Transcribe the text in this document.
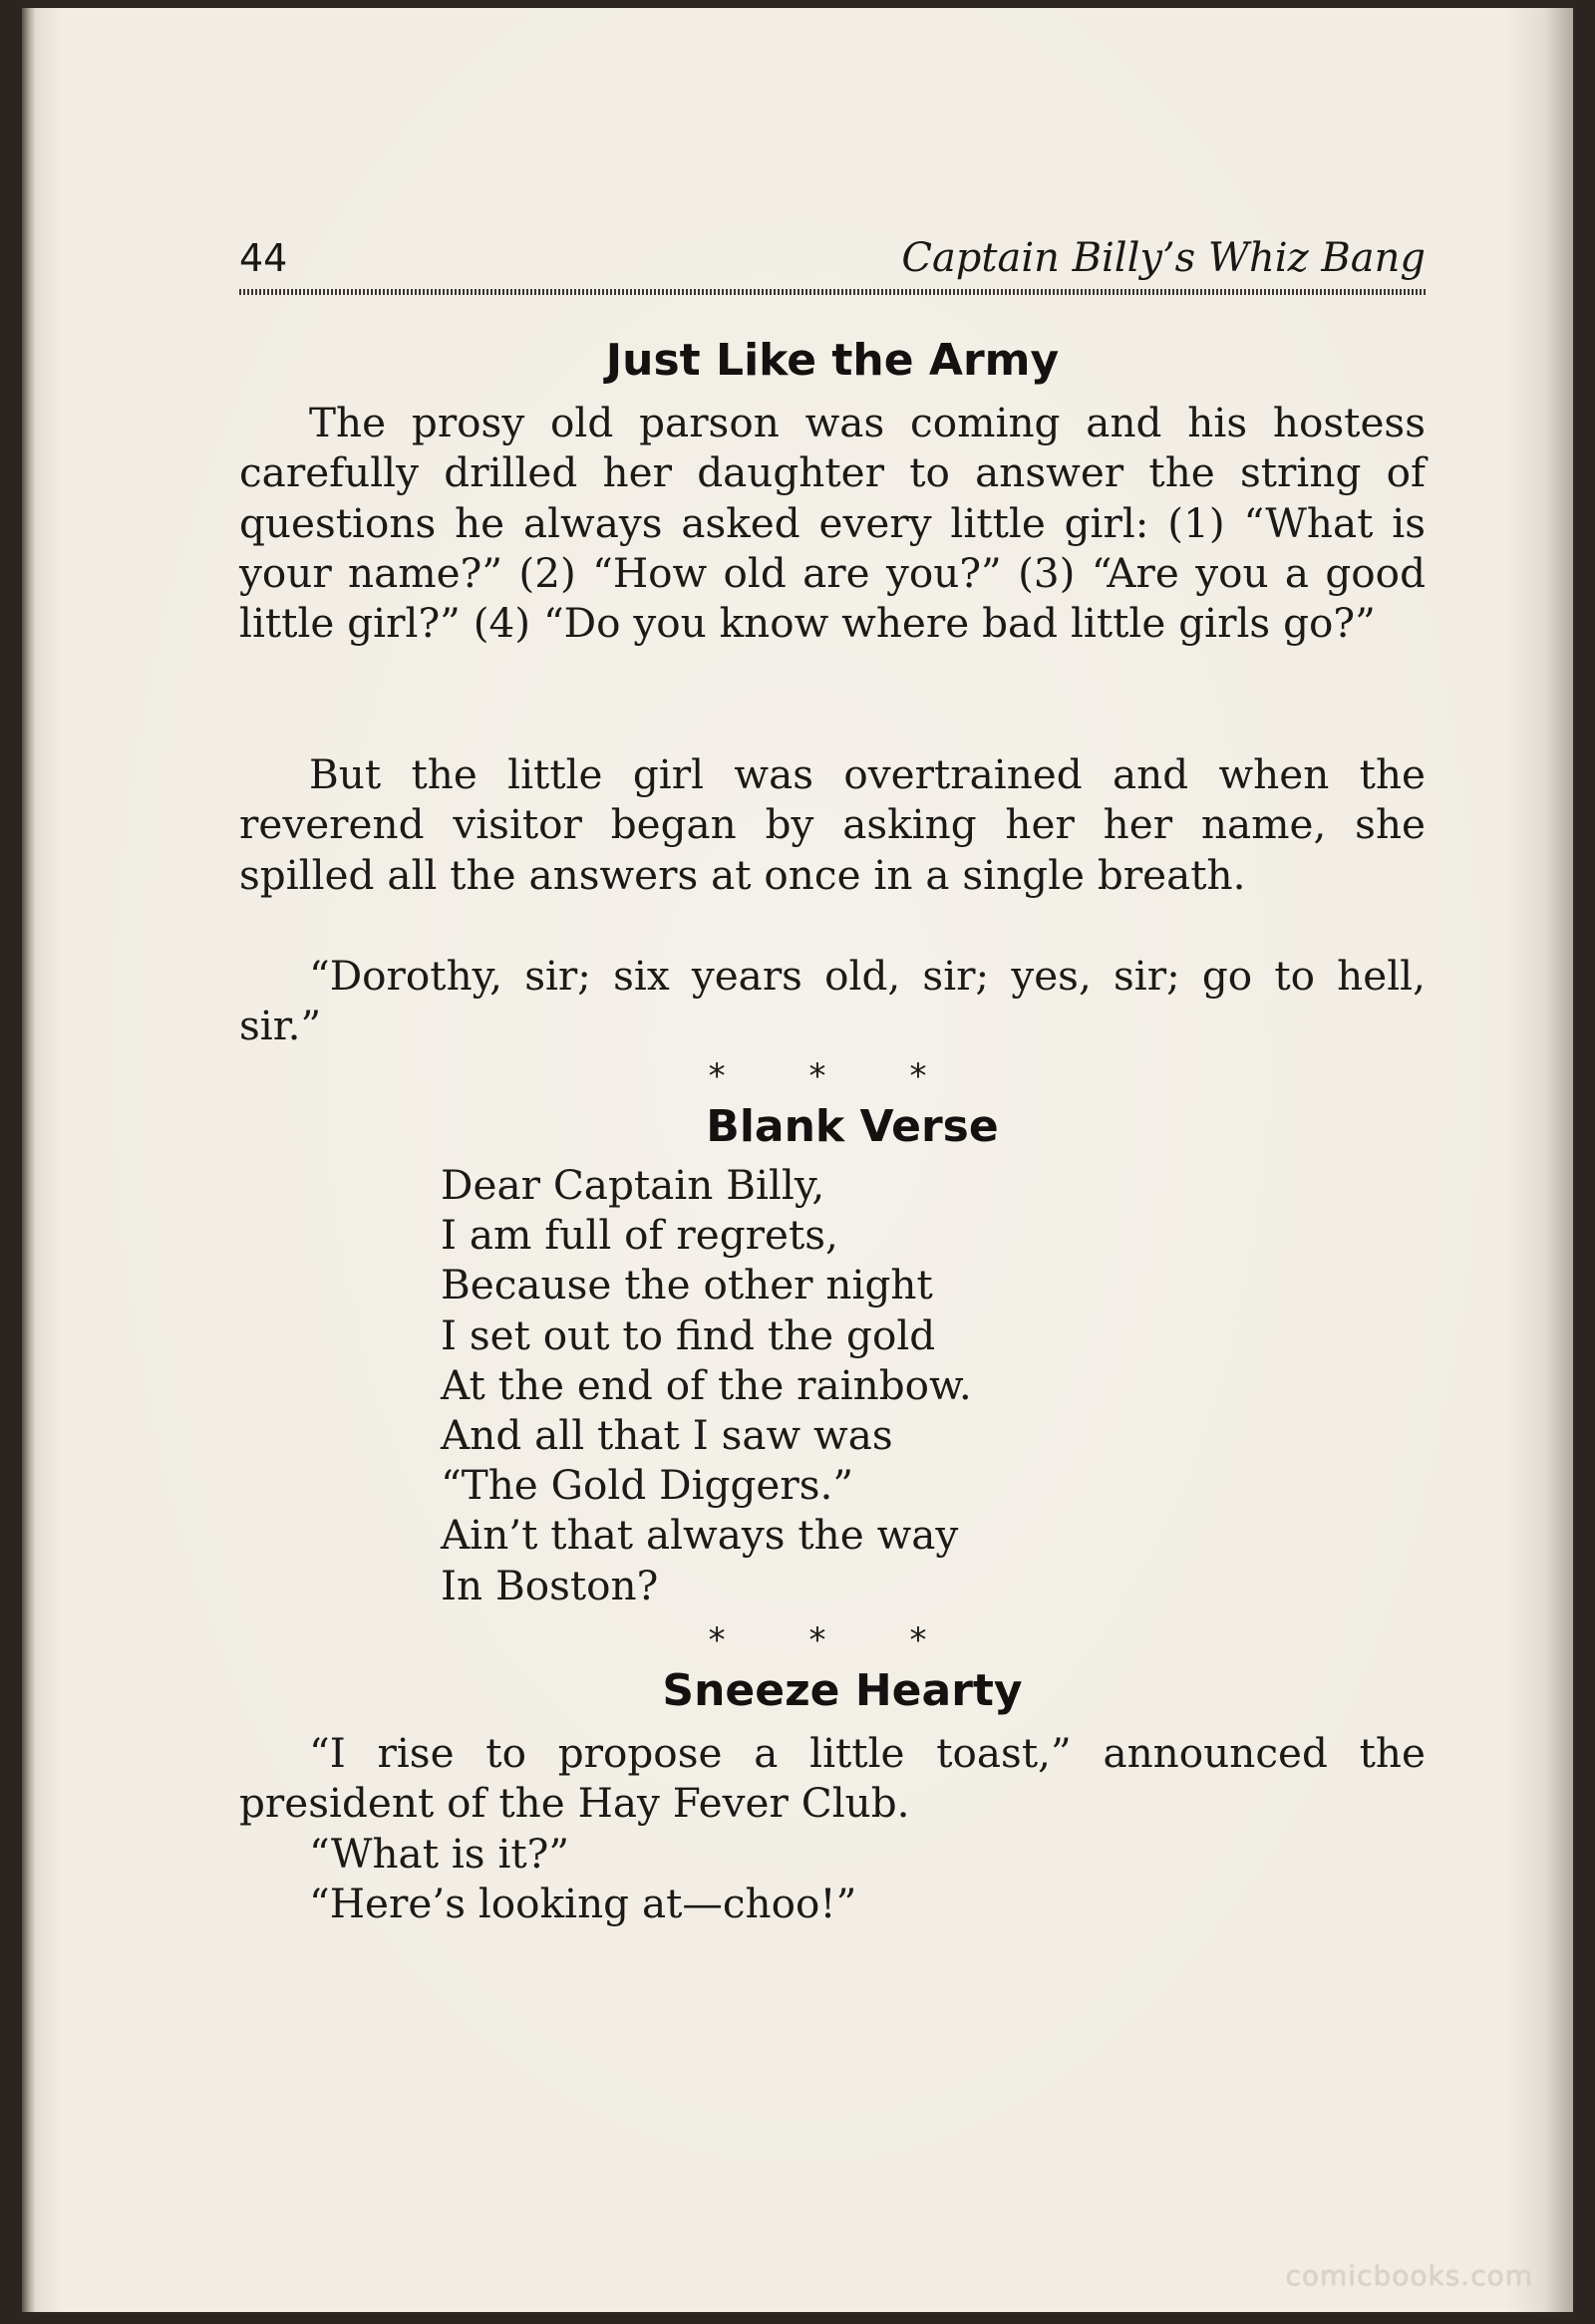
44	Captain Billy’s Whiz Bang
Just Like the Army

The prosy old parson was coming and his hostess carefully drilled her daughter to answer the string of questions he always asked every little girl: (1) “What is your name?” (2) “How old are you?” (3) “Are you a good little girl?” (4) “Do you know where bad little girls go?”

But the little girl was overtrained and when the reverend visitor began by asking her her name, she spilled all the answers at once in a single breath.

“Dorothy, sir; six years old, sir; yes, sir; go to hell, sir.”

* * *
Blank Verse
Dear Captain Billy,
I am full of regrets,
Because the other night
I set out to find the gold
At the end of the rainbow.
And all that I saw was
“The Gold Diggers.”
Ain’t that always the way
In Boston?
* * *
Sneeze Hearty

“I rise to propose a little toast,” announced the president of the Hay Fever Club.

“What is it?”

“Here’s looking at—choo!”

comicbooks.com
